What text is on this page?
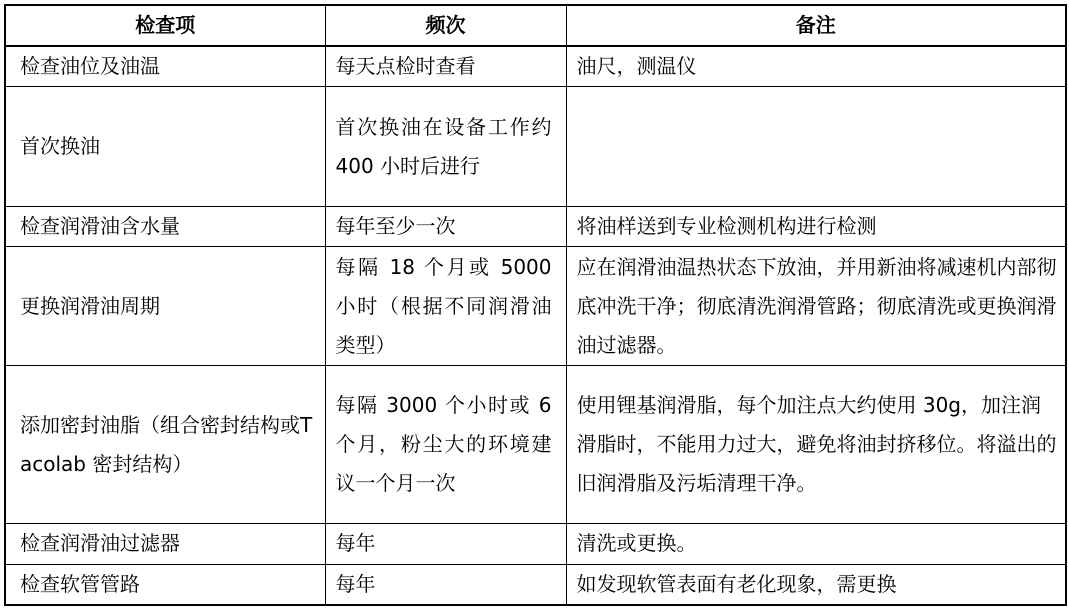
检查项	频次	备注
检查油位及油温	每天点检时查看	油尺，测温仪
首次换油	首次换油在设备工作约 400 小时后进行	
检查润滑油含水量	每年至少一次	将油样送到专业检测机构进行检测
更换润滑油周期	每隔 18 个月或 5000 小时（根据不同润滑油类型）	应在润滑油温热状态下放油，并用新油将减速机内部彻底冲洗干净；彻底清洗润滑管路；彻底清洗或更换润滑油过滤器。
添加密封油脂（组合密封结构或Tacolab 密封结构）	每隔 3000 个小时或 6 个月，粉尘大的环境建议一个月一次	使用锂基润滑脂，每个加注点大约使用 30g，加注润滑脂时，不能用力过大，避免将油封挤移位。将溢出的旧润滑脂及污垢清理干净。
检查润滑油过滤器	每年	清洗或更换。
检查软管管路	每年	如发现软管表面有老化现象，需更换
